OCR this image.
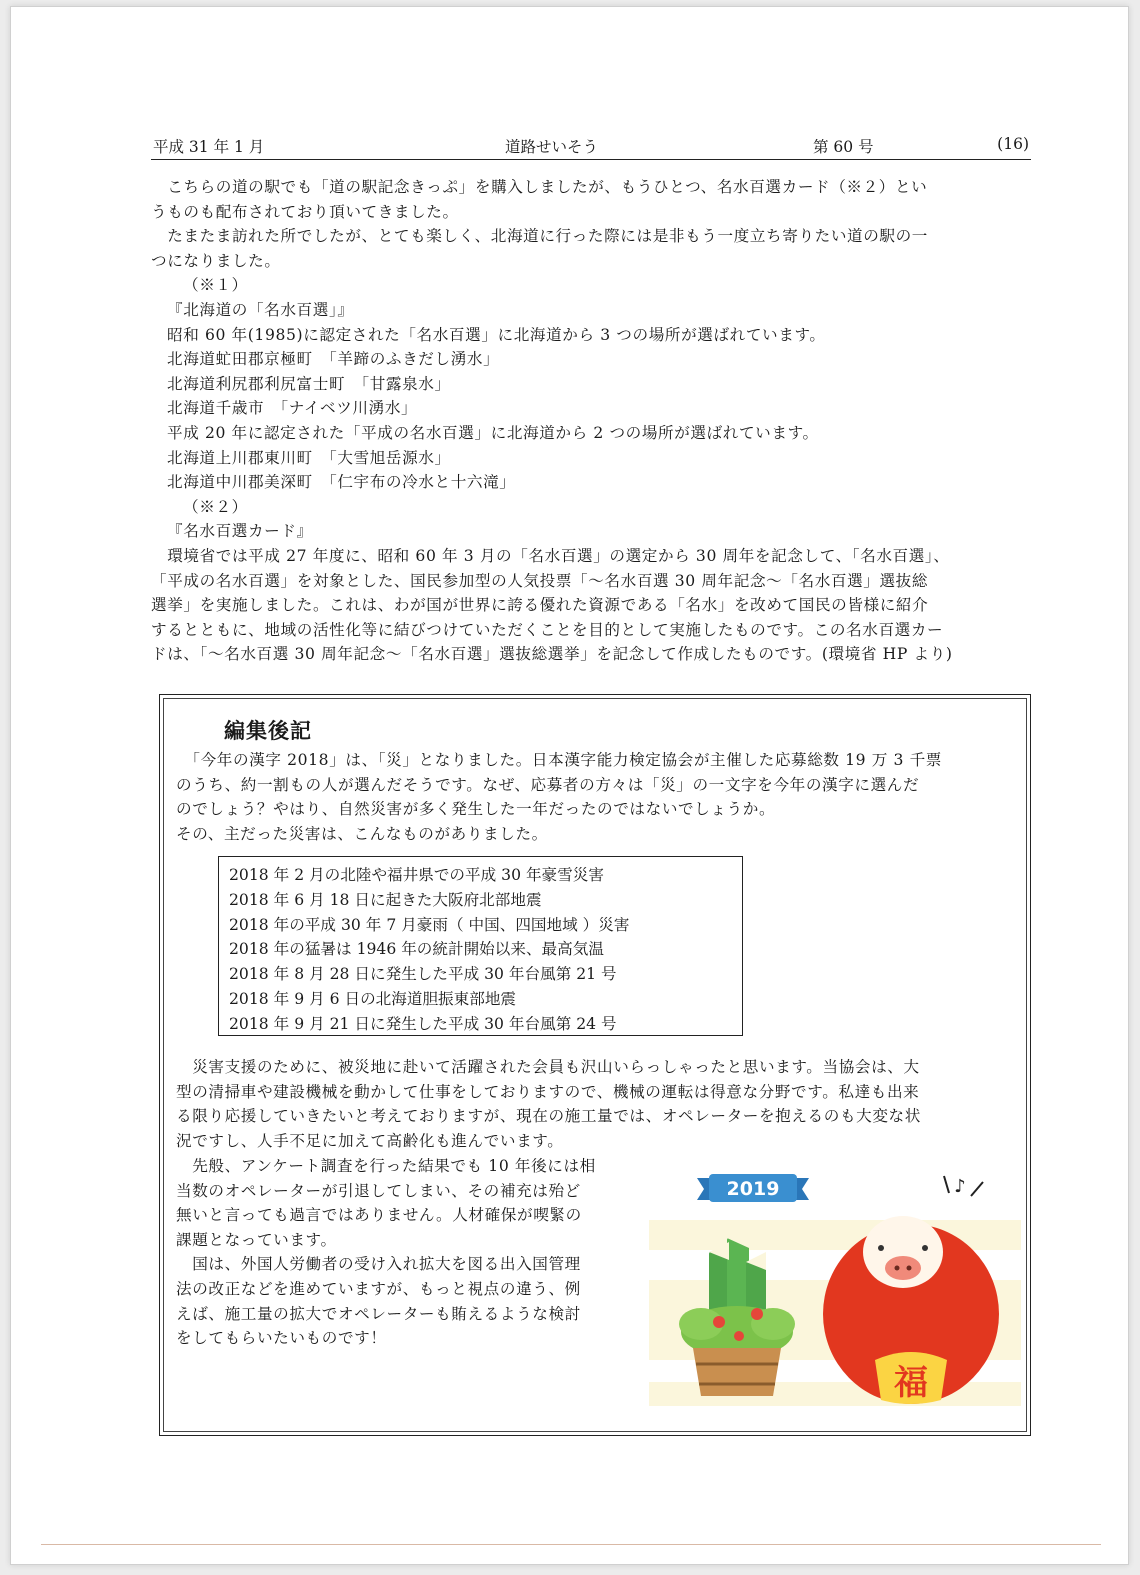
平成 31 年 1 月	道路せいそう	第 60 号	(16)

　こちらの道の駅でも「道の駅記念きっぷ」を購入しましたが、もうひとつ、名水百選カード（※２）とい

うものも配布されており頂いてきました。

　たまたま訪れた所でしたが、とても楽しく、北海道に行った際には是非もう一度立ち寄りたい道の駅の一

つになりました。

（※１）

『北海道の「名水百選」』

昭和 60 年(1985)に認定された「名水百選」に北海道から 3 つの場所が選ばれています。

北海道虻田郡京極町　「羊蹄のふきだし湧水」

北海道利尻郡利尻富士町　「甘露泉水」

北海道千歳市　「ナイベツ川湧水」

平成 20 年に認定された「平成の名水百選」に北海道から 2 つの場所が選ばれています。

北海道上川郡東川町　「大雪旭岳源水」

北海道中川郡美深町　「仁宇布の冷水と十六滝」

（※２）

『名水百選カード』

　環境省では平成 27 年度に、昭和 60 年 3 月の「名水百選」の選定から 30 周年を記念して、「名水百選」、

「平成の名水百選」を対象とした、国民参加型の人気投票「～名水百選 30 周年記念～「名水百選」選抜総

選挙」を実施しました。これは、わが国が世界に誇る優れた資源である「名水」を改めて国民の皆様に紹介

するとともに、地域の活性化等に結びつけていただくことを目的として実施したものです。この名水百選カー

ドは、「～名水百選 30 周年記念～「名水百選」選抜総選挙」を記念して作成したものです。(環境省 HP より)

編集後記

　「今年の漢字 2018」は、「災」となりました。日本漢字能力検定協会が主催した応募総数 19 万 3 千票

のうち、約一割もの人が選んだそうです。なぜ、応募者の方々は「災」の一文字を今年の漢字に選んだ

のでしょう？やはり、自然災害が多く発生した一年だったのではないでしょうか。

その、主だった災害は、こんなものがありました。

2018 年 2 月の北陸や福井県での平成 30 年豪雪災害
2018 年 6 月 18 日に起きた大阪府北部地震
2018 年の平成 30 年 7 月豪雨（ 中国、四国地域 ）災害
2018 年の猛暑は 1946 年の統計開始以来、最高気温
2018 年 8 月 28 日に発生した平成 30 年台風第 21 号
2018 年 9 月 6 日の北海道胆振東部地震
2018 年 9 月 21 日に発生した平成 30 年台風第 24 号

　災害支援のために、被災地に赴いて活躍された会員も沢山いらっしゃったと思います。当協会は、大

型の清掃車や建設機械を動かして仕事をしておりますので、機械の運転は得意な分野です。私達も出来

る限り応援していきたいと考えておりますが、現在の施工量では、オペレーターを抱えるのも大変な状

況ですし、人手不足に加えて高齢化も進んでいます。

　先般、アンケート調査を行った結果でも 10 年後には相

当数のオペレーターが引退してしまい、その補充は殆ど

無いと言っても過言ではありません。人材確保が喫緊の

課題となっています。

　国は、外国人労働者の受け入れ拡大を図る出入国管理

法の改正などを進めていますが、もっと視点の違う、例

えば、施工量の拡大でオペレーターも賄えるような検討

をしてもらいたいものです！

2019	♪
福
